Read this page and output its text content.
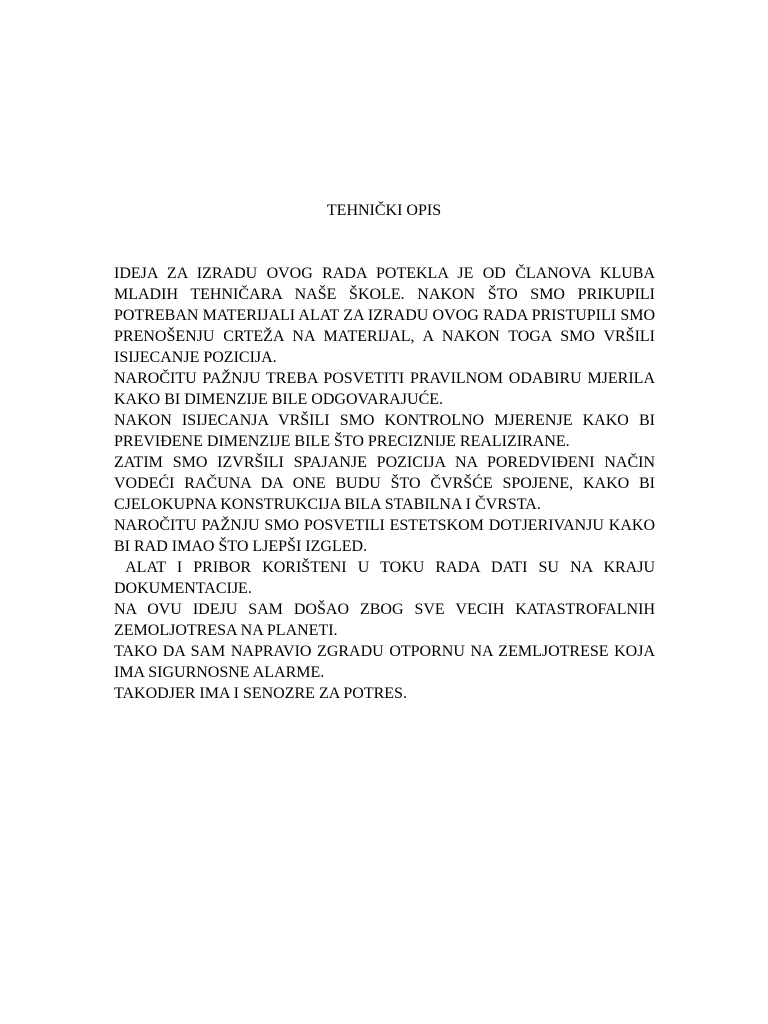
TEHNIČKI OPIS

IDEJA ZA IZRADU OVOG RADA POTEKLA JE OD ČLANOVA KLUBA MLADIH TEHNIČARA NAŠE ŠKOLE. NAKON ŠTO SMO PRIKUPILI POTREBAN MATERIJALI ALAT ZA IZRADU OVOG RADA PRISTUPILI SMO PRENOŠENJU CRTEŽA NA MATERIJAL, A NAKON TOGA SMO VRŠILI ISIJECANJE POZICIJA.

NAROČITU PAŽNJU TREBA POSVETITI PRAVILNOM ODABIRU MJERILA KAKO BI DIMENZIJE BILE ODGOVARAJUĆE.

NAKON ISIJECANJA VRŠILI SMO KONTROLNO MJERENJE KAKO BI PREVIĐENE DIMENZIJE BILE ŠTO PRECIZNIJE REALIZIRANE.

ZATIM SMO IZVRŠILI SPAJANJE POZICIJA NA POREDVIĐENI NAČIN VODEĆI RAČUNA DA ONE BUDU ŠTO ČVRŠĆE SPOJENE, KAKO BI CJELOKUPNA KONSTRUKCIJA BILA STABILNA I ČVRSTA.

NAROČITU PAŽNJU SMO POSVETILI ESTETSKOM DOTJERIVANJU KAKO BI RAD IMAO ŠTO LJEPŠI IZGLED.

ALAT I PRIBOR KORIŠTENI U TOKU RADA DATI SU NA KRAJU DOKUMENTACIJE.

NA OVU IDEJU SAM DOŠAO ZBOG SVE VECIH KATASTROFALNIH ZEMOLJOTRESA NA PLANETI.

TAKO DA SAM NAPRAVIO ZGRADU OTPORNU NA ZEMLJOTRESE KOJA IMA SIGURNOSNE ALARME.

TAKODJER IMA I SENOZRE ZA POTRES.
